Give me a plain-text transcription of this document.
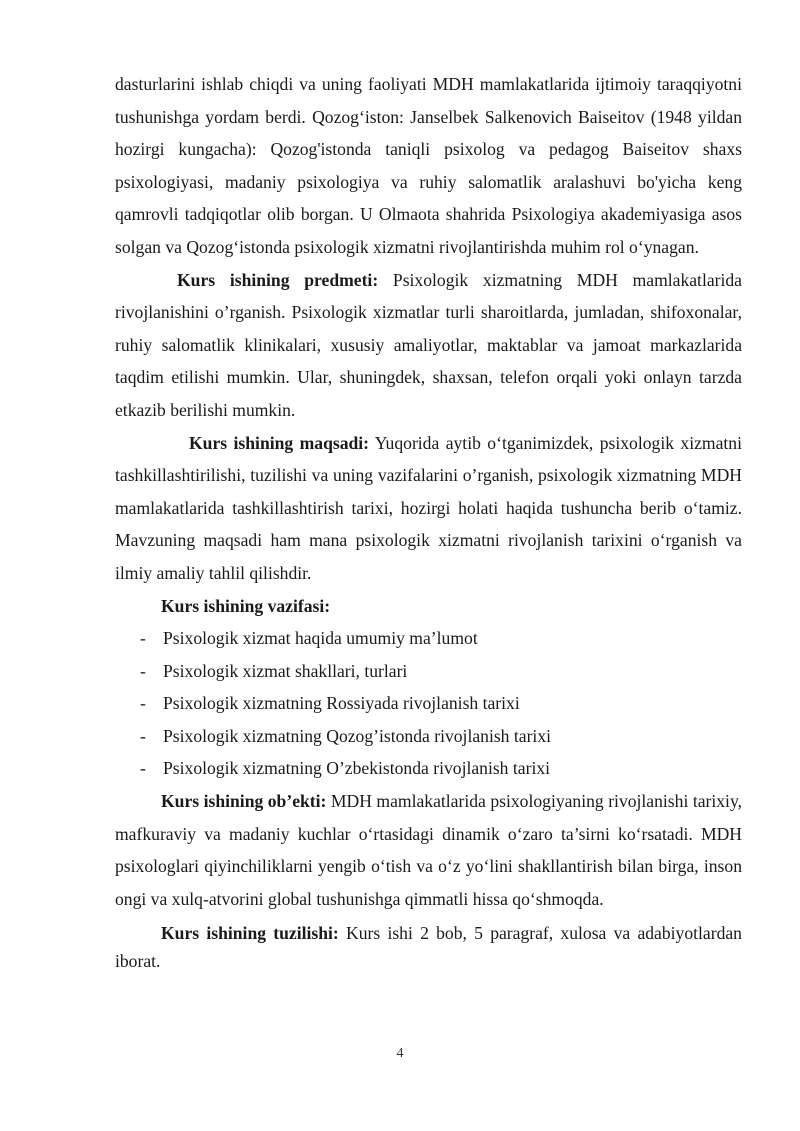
dasturlarini ishlab chiqdi va uning faoliyati MDH mamlakatlarida ijtimoiy taraqqiyotni tushunishga yordam berdi. Qozog‘iston: Janselbek Salkenovich Baiseitov (1948 yildan hozirgi kungacha): Qozog'istonda taniqli psixolog va pedagog Baiseitov shaxs psixologiyasi, madaniy psixologiya va ruhiy salomatlik aralashuvi bo'yicha keng qamrovli tadqiqotlar olib borgan. U Olmaota shahrida Psixologiya akademiyasiga asos solgan va Qozog‘istonda psixologik xizmatni rivojlantirishda muhim rol o‘ynagan.

Kurs ishining predmeti: Psixologik xizmatning MDH mamlakatlarida rivojlanishini o’rganish. Psixologik xizmatlar turli sharoitlarda, jumladan, shifoxonalar, ruhiy salomatlik klinikalari, xususiy amaliyotlar, maktablar va jamoat markazlarida taqdim etilishi mumkin. Ular, shuningdek, shaxsan, telefon orqali yoki onlayn tarzda etkazib berilishi mumkin.

Kurs ishining maqsadi: Yuqorida aytib o‘tganimizdek, psixologik xizmatni tashkillashtirilishi, tuzilishi va uning vazifalarini o’rganish, psixologik xizmatning MDH mamlakatlarida tashkillashtirish tarixi, hozirgi holati haqida tushuncha berib o‘tamiz. Mavzuning maqsadi ham mana psixologik xizmatni rivojlanish tarixini o‘rganish va ilmiy amaliy tahlil qilishdir.

Kurs ishining vazifasi:

- Psixologik xizmat haqida umumiy ma’lumot
- Psixologik xizmat shakllari, turlari
- Psixologik xizmatning Rossiyada rivojlanish tarixi
- Psixologik xizmatning Qozog’istonda rivojlanish tarixi
- Psixologik xizmatning O’zbekistonda rivojlanish tarixi

Kurs ishining ob’ekti: MDH mamlakatlarida psixologiyaning rivojlanishi tarixiy, mafkuraviy va madaniy kuchlar o‘rtasidagi dinamik o‘zaro ta’sirni ko‘rsatadi. MDH psixologlari qiyinchiliklarni yengib o‘tish va o‘z yo‘lini shakllantirish bilan birga, inson ongi va xulq-atvorini global tushunishga qimmatli hissa qo‘shmoqda.

Kurs ishining tuzilishi: Kurs ishi 2 bob, 5 paragraf, xulosa va adabiyotlardan iborat.

4
